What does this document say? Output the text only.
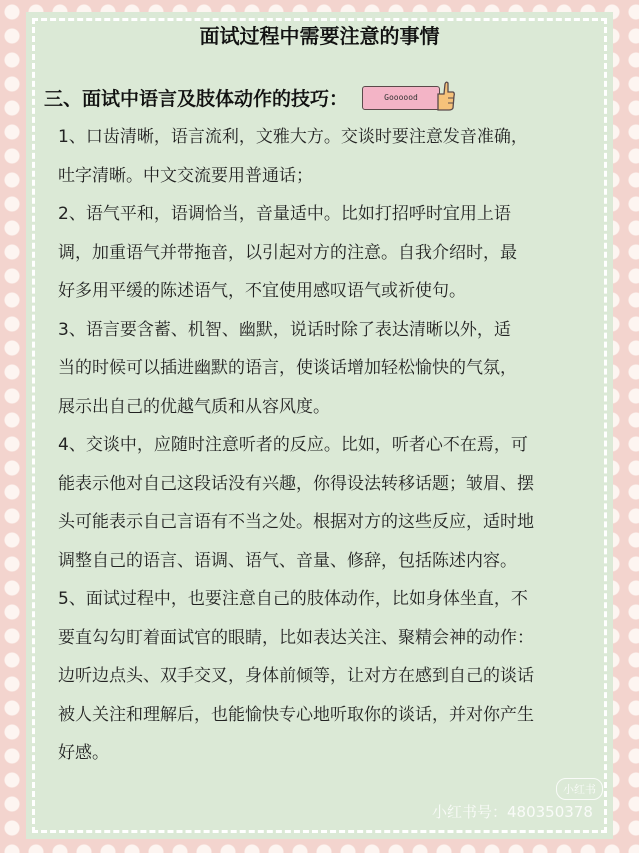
面试过程中需要注意的事情
三、面试中语言及肢体动作的技巧：	Goooood

1、口齿清晰，语言流利，文雅大方。交谈时要注意发音准确，

吐字清晰。中文交流要用普通话；

2、语气平和，语调恰当，音量适中。比如打招呼时宜用上语

调，加重语气并带拖音，以引起对方的注意。自我介绍时，最

好多用平缓的陈述语气，不宜使用感叹语气或祈使句。

3、语言要含蓄、机智、幽默，说话时除了表达清晰以外，适

当的时候可以插进幽默的语言，使谈话增加轻松愉快的气氛，

展示出自己的优越气质和从容风度。

4、交谈中，应随时注意听者的反应。比如，听者心不在焉，可

能表示他对自己这段话没有兴趣，你得设法转移话题；皱眉、摆

头可能表示自己言语有不当之处。根据对方的这些反应，适时地

调整自己的语言、语调、语气、音量、修辞，包括陈述内容。

5、面试过程中，也要注意自己的肢体动作，比如身体坐直，不

要直勾勾盯着面试官的眼睛，比如表达关注、聚精会神的动作：

边听边点头、双手交叉，身体前倾等，让对方在感到自己的谈话

被人关注和理解后，也能愉快专心地听取你的谈话，并对你产生

好感。

小红书
小红书号：480350378
